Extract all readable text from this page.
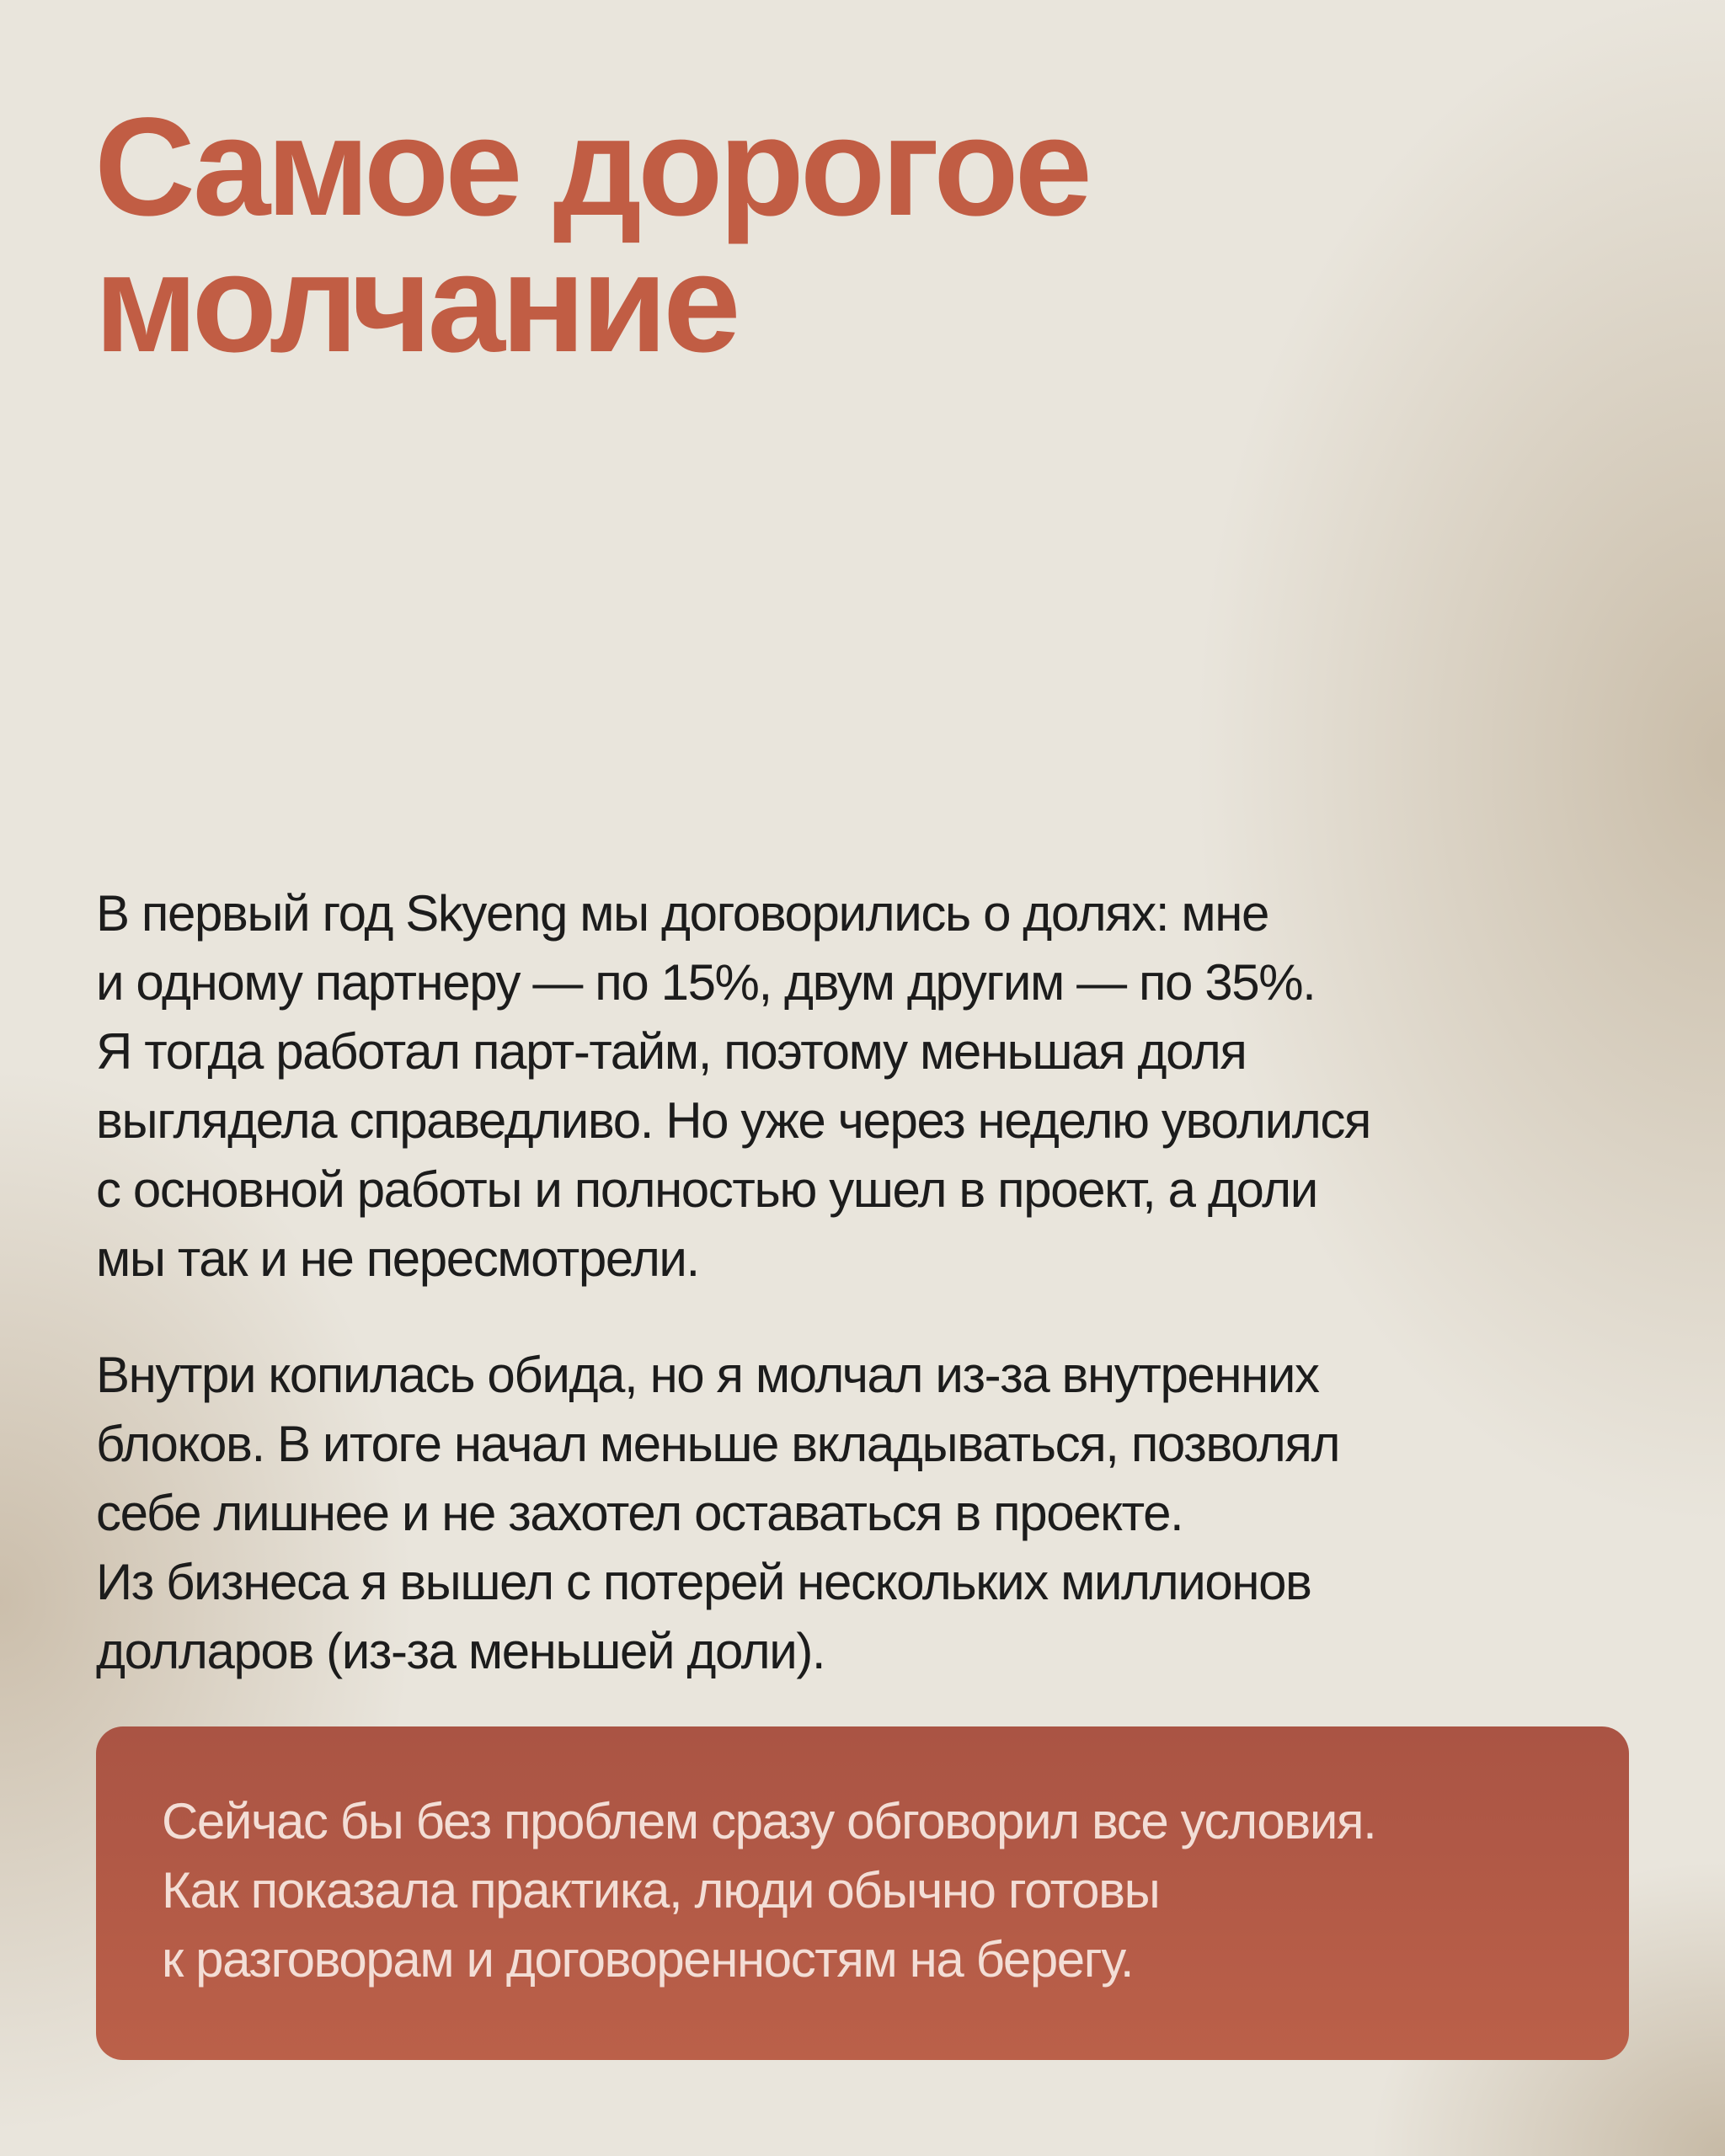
Самое дорогое
молчание

В первый год Skyeng мы договорились о долях: мне
и одному партнеру — по 15%, двум другим — по 35%.
Я тогда работал парт-тайм, поэтому меньшая доля
выглядела справедливо. Но уже через неделю уволился
с основной работы и полностью ушел в проект, а доли
мы так и не пересмотрели.

Внутри копилась обида, но я молчал из-за внутренних
блоков. В итоге начал меньше вкладываться, позволял
себе лишнее и не захотел оставаться в проекте.
Из бизнеса я вышел с потерей нескольких миллионов
долларов (из-за меньшей доли).

Сейчас бы без проблем сразу обговорил все условия.
Как показала практика, люди обычно готовы
к разговорам и договоренностям на берегу.
